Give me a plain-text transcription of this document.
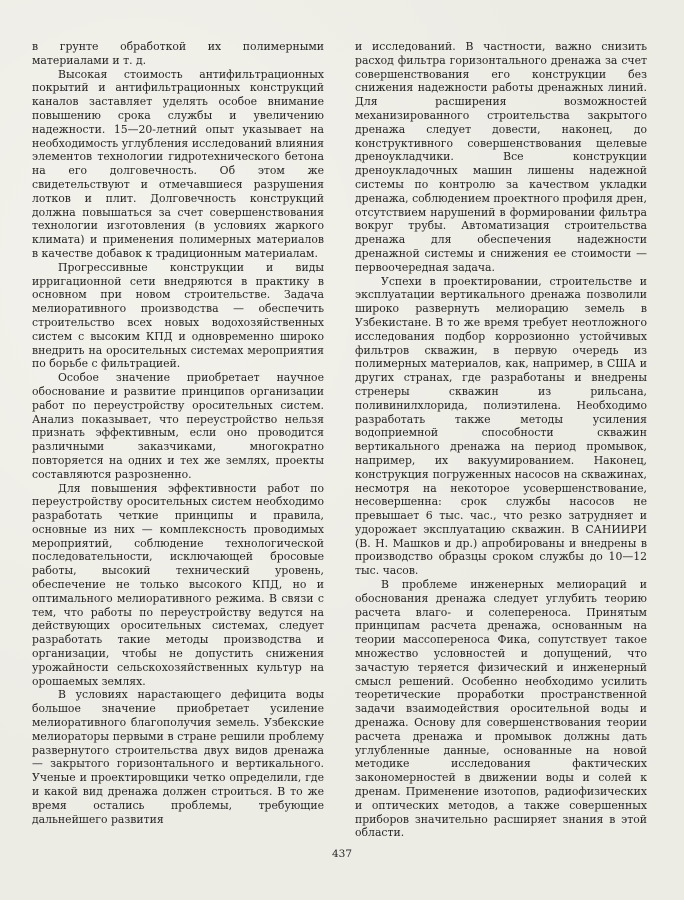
в грунте обработкой их полимерными материалами и т. д.

Высокая стоимость антифильтрационных покрытий и антифильтрационных конструкций каналов заставляет уделять особое внимание повышению срока службы и увеличению надежности. 15—20-летний опыт указывает на необходимость углубления исследований влияния элементов технологии гидротехнического бетона на его долговечность. Об этом же свидетельствуют и отмечавшиеся разрушения лотков и плит. Долговечность конструкций должна повышаться за счет совершенствования технологии изготовления (в условиях жаркого климата) и применения полимерных материалов в качестве добавок к традиционным материалам.

Прогрессивные конструкции и виды ирригационной сети внедряются в практику в основном при новом строительстве. Задача мелиоративного производства — обеспечить строительство всех новых водохозяйственных систем с высоким КПД и одновременно широко внедрить на оросительных системах мероприятия по борьбе с фильтрацией.

Особое значение приобретает научное обоснование и развитие принципов организации работ по переустройству оросительных систем. Анализ показывает, что переустройство нельзя признать эффективным, если оно проводится различными заказчиками, многократно повторяется на одних и тех же землях, проекты составляются разрозненно.

Для повышения эффективности работ по переустройству оросительных систем необходимо разработать четкие принципы и правила, основные из них — комплексность проводимых мероприятий, соблюдение технологической последовательности, исключающей бросовые работы, высокий технический уровень, обеспечение не только высокого КПД, но и оптимального мелиоративного режима. В связи с тем, что работы по переустройству ведутся на действующих оросительных системах, следует разработать такие методы производства и организации, чтобы не допустить снижения урожайности сельскохозяйственных культур на орошаемых землях.

В условиях нарастающего дефицита воды большое значение приобретает усиление мелиоративного благополучия земель. Узбекские мелиораторы первыми в стране решили проблему развернутого строительства двух видов дренажа — закрытого горизонтального и вертикального. Ученые и проектировщики четко определили, где и какой вид дренажа должен строиться. В то же время остались проблемы, требующие дальнейшего развития

и исследований. В частности, важно снизить расход фильтра горизонтального дренажа за счет совершенствования его конструкции без снижения надежности работы дренажных линий. Для расширения возможностей механизированного строительства закрытого дренажа следует довести, наконец, до конструктивного совершенствования щелевые дреноукладчики. Все конструкции дреноукладочных машин лишены надежной системы по контролю за качеством укладки дренажа, соблюдением проектного профиля дрен, отсутствием нарушений в формировании фильтра вокруг трубы. Автоматизация строительства дренажа для обеспечения надежности дренажной системы и снижения ее стоимости — первоочередная задача.

Успехи в проектировании, строительстве и эксплуатации вертикального дренажа позволили широко развернуть мелиорацию земель в Узбекистане. В то же время требует неотложного исследования подбор коррозионно устойчивых фильтров скважин, в первую очередь из полимерных материалов, как, например, в США и других странах, где разработаны и внедрены стренеры скважин из рильсана, поливинилхлорида, полиэтилена. Необходимо разработать также методы усиления водоприемной способности скважин вертикального дренажа на период промывок, например, их вакуумированием. Наконец, конструкция погруженных насосов на скважинах, несмотря на некоторое усовершенствование, несовершенна: срок службы насосов не превышает 6 тыс. час., что резко затрудняет и удорожает эксплуатацию скважин. В САНИИРИ (В. Н. Машков и др.) апробированы и внедрены в производство образцы сроком службы до 10—12 тыс. часов.

В проблеме инженерных мелиораций и обоснования дренажа следует углубить теорию расчета влаго- и солепереноса. Принятым принципам расчета дренажа, основанным на теории массопереноса Фика, сопутствует такое множество условностей и допущений, что зачастую теряется физический и инженерный смысл решений. Особенно необходимо усилить теоретические проработки пространственной задачи взаимодействия оросительной воды и дренажа. Основу для совершенствования теории расчета дренажа и промывок должны дать углубленные данные, основанные на новой методике исследования фактических закономерностей в движении воды и солей к дренам. Применение изотопов, радиофизических и оптических методов, а также совершенных приборов значительно расширяет знания в этой области.

437
